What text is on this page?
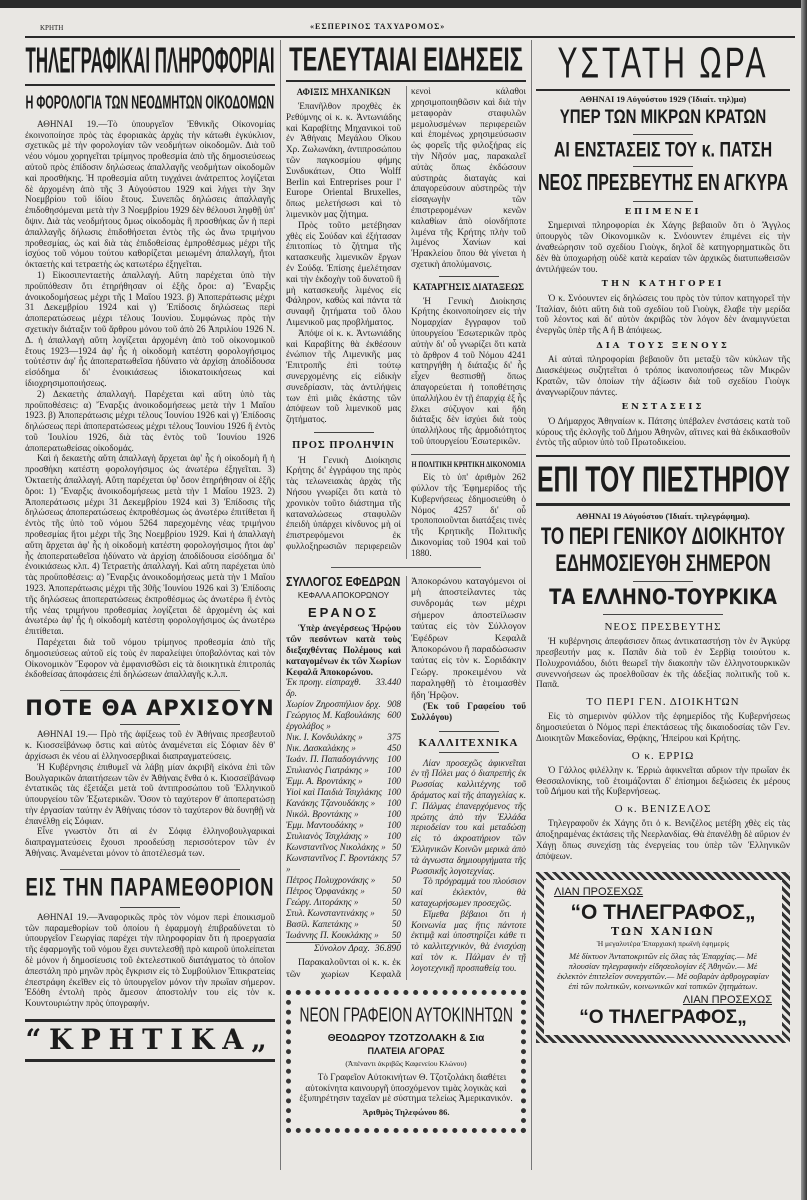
ΚΡΗΤΗ	«ΕΣΠΕΡΙΝΟΣ ΤΑΧΥΔΡΟΜΟΣ»
ΤΗΛΕΓΡΑΦΙΚΑΙ ΠΛΗΡΟΦΟΡΙΑΙ
Η ΦΟΡΟΛΟΓΙΑ ΤΩΝ ΝΕΟΔΜΗΤΩΝ ΟΙΚΟΔΟΜΩΝ

ΑΘΗΝΑΙ 19.—Τὸ ὑπουργεῖον Ἐθνικῆς Οἰκονομίας ἐκοινοποίησε πρὸς τὰς ἐφοριακὰς ἀρχὰς τὴν κάτωθι ἐγκύκλιον, σχετικῶς μὲ τὴν φορολογίαν τῶν νεοδμήτων οἰκοδομῶν. Διὰ τοῦ νέου νόμου χορηγεῖται τρίμηνος προθεσμία ἀπὸ τῆς δημοσιεύσεως αὐτοῦ πρὸς ἐπίδοσιν δηλώσεως ἀπαλλαγῆς νεοδμήτων οἰκοδομῶν καὶ προσθήκης. Ἡ προθεσμία αὕτη τυγχάνει ἀνάτρεπτος λογίζεται δὲ ἀρχομένη ἀπὸ τῆς 3 Αὐγούστου 1929 καὶ λήγει τὴν 3ην Νοεμβρίου τοῦ ἰδίου ἔτους. Συνεπῶς δηλώσεις ἀπαλλαγῆς ἐπιδοθησόμεναι μετὰ τὴν 3 Νοεμβρίου 1929 δὲν θέλουσι ληφθῇ ὑπ' ὄψιν. Διὰ τὰς νεοδμήτους ὅμως οἰκοδομὰς ἢ προσθήκας ὧν ἡ περὶ ἀπαλλαγῆς δήλωσις ἐπιδοθήσεται ἐντὸς τῆς ὡς ἄνω τριμήνου προθεσμίας, ὡς καὶ διὰ τὰς ἐπιδοθείσας ἐμπροθέσμως μέχρι τῆς ἰσχύος τοῦ νόμου τούτου καθορίζεται μειωμένη ἀπαλλαγή, ἤτοι ὁκταετὴς καὶ τετραετὴς ὡς κατωτέρω ἐξηγεῖται.

1) Εἰκοσιπενταετὴς ἀπαλλαγή. Αὕτη παρέχεται ὑπὸ τὴν προϋπόθεσιν ὅτι ἐτηρήθησαν οἱ ἑξῆς ὅροι: α) Ἔναρξις ἀνοικοδομήσεως μέχρι τῆς 1 Μαΐου 1923. β) Ἀποπεράτωσις μέχρι 31 Δεκεμβρίου 1924 καὶ γ) Ἐπίδοσις δηλώσεως περὶ ἀποπερατώσεως μέχρι τέλους Ἰουνίου. Συμφώνως πρὸς τὴν σχετικὴν διάταξιν τοῦ ἄρθρου μόνου τοῦ ἀπὸ 26 Ἀπριλίου 1926 Ν. Δ. ἡ ἀπαλλαγὴ αὕτη λογίζεται ἀρχομένη ἀπὸ τοῦ οἰκονομικοῦ ἔτους 1923—1924 ἀφ' ἧς ἡ οἰκοδομὴ κατέστη φορολογήσιμος τοὐτέστιν ἀφ' ἧς ἀποπερατωθεῖσα ἠδύνατο νὰ ἀρχίσῃ ἀποδίδουσα εἰσόδημα δι' ἐνοικιάσεως ἰδιοκατοικήσεως καὶ ἰδιοχρησιμοποιήσεως.

2) Δεκαετὴς ἀπαλλαγή. Παρέχεται καὶ αὕτη ὑπὸ τὰς προϋποθέσεις: α) Ἔναρξις ἀνοικοδομήσεως μετὰ τὴν 1 Μαΐου 1923. β) Ἀποπεράτωσις μέχρι τέλους Ἰουνίου 1926 καὶ γ) Ἐπίδοσις δηλώσεως περὶ ἀποπερατώσεως μέχρι τέλους Ἰουνίου 1926 ἢ ἐντὸς τοῦ Ἰουλίου 1926, διὰ τὰς ἐντὸς τοῦ Ἰουνίου 1926 ἀποπερατωθείσας οἰκοδομάς.

Καὶ ἡ δεκαετὴς αὕτη ἀπαλλαγὴ ἄρχεται ἀφ' ἧς ἡ οἰκοδομὴ ἢ ἡ προσθήκη κατέστη φορολογήσιμος ὡς ἀνωτέρω ἐξηγεῖται. 3) Ὀκταετὴς ἀπαλλαγή. Αὕτη παρέχεται ὑφ' ὅσον ἐτηρήθησαν οἱ ἑξῆς ὅροι: 1) Ἔναρξις ἀνοικοδομήσεως μετὰ τὴν 1 Μαΐου 1923. 2) Ἀποπεράτωσις μέχρι 31 Δεκεμβρίου 1924 καὶ 3) Ἐπίδοσις τῆς δηλώσεως ἀποπερατώσεως ἐκπροθέσμως ὡς ἀνωτέρω ἐπιτίθεται ἢ ἐντὸς τῆς ὑπὸ τοῦ νόμου 5264 παρεχομένης νέας τριμήνου προθεσμίας ἤτοι μέχρι τῆς 3ης Νοεμβρίου 1929. Καὶ ἡ ἀπαλλαγὴ αὕτη ἄρχεται ἀφ' ἧς ἡ οἰκοδομὴ κατέστη φορολογήσιμος ἤτοι ἀφ' ἧς ἀποπερατωθεῖσα ἠδύνατο νὰ ἀρχίσῃ ἀποδίδουσα εἰσόδημα δι' ἐνοικιάσεως κλπ. 4) Τετραετὴς ἀπαλλαγή. Καὶ αὕτη παρέχεται ὑπὸ τὰς προϋποθέσεις: α) Ἔναρξις ἀνοικοδομήσεως μετὰ τὴν 1 Μαΐου 1923. Ἀποπεράτωσις μέχρι τῆς 30ῆς Ἰουνίου 1926 καὶ 3) Ἐπίδοσις τῆς δηλώσεως ἀποπερατώσεως ἐκπροθέσμως ὡς ἀνωτέρω ἢ ἐντὸς τῆς νέας τριμήνου προθεσμίας λογίζεται δὲ ἀρχομένη ὡς καὶ ἀνωτέρω ἀφ' ἧς ἡ οἰκοδομὴ κατέστη φορολογήσιμος ὡς ἀνωτέρω ἐπιτίθεται.

Παρέχεται διὰ τοῦ νόμου τρίμηνος προθεσμία ἀπὸ τῆς δημοσιεύσεως αὐτοῦ εἰς τοὺς ἐν παραλείψει ὑποβαλόντας καὶ τὸν Οἰκονομικὸν Ἔφορον νὰ ἐμφανισθῶσι εἰς τὰ διοικητικὰ ἐπιτροπάς ἐκδοθείσας ἀποφάσεις ἐπὶ δηλώσεων ἀπαλλαγῆς κ.λ.π.

ΠΟΤΕ ΘΑ ΑΡΧΙΣΟΥΝ

ΑΘΗΝΑΙ 19.— Πρὸ τῆς ἀφίξεως τοῦ ἐν Ἀθήναις πρεσβευτοῦ κ. Κιοσσεϊβάνωφ ὅστις καὶ αὐτὸς ἀναμένεται εἰς Σόφιαν δὲν θ' ἀρχίσωσι ἐκ νέου αἱ ἑλληνοσερβικαὶ διαπραγματεύσεις.

Ἡ Κυβέρνησις ἐπιθυμεῖ νὰ λάβῃ μίαν ἀκριβῆ εἰκόνα ἐπὶ τῶν Βουλγαρικῶν ἀπαιτήσεων τῶν ἐν Ἀθήναις ἔνθα ὁ κ. Κιοσσεϊβάνωφ ἐντατικῶς τὰς ἐξετάζει μετὰ τοῦ ἀντιπροσώπου τοῦ Ἑλληνικοῦ ὑπουργείου τῶν Ἐξωτερικῶν. Ὅσον τὸ ταχύτερον θ' ἀποπερατώσῃ τὴν ἐργασίαν ταύτην ἐν Ἀθήναις τόσον τὸ ταχύτερον θὰ δυνηθῇ νὰ ἐπανέλθῃ εἰς Σόφιαν.

Εἶνε γνωστὸν ὅτι αἱ ἐν Σόφιᾳ ἑλληνοβουλγαρικαὶ διαπραγματεύσεις ἔχουσι προοδεύσῃ περισσότερον τῶν ἐν Ἀθήναις. Ἀναμένεται μόνον τὸ ἀποτέλεσμά των.

ΕΙΣ ΤΗΝ ΠΑΡΑΜΕΘΟΡΙΟΝ

ΑΘΗΝΑΙ 19.—Ἀναφορικῶς πρὸς τὸν νόμον περὶ ἐποικισμοῦ τῶν παραμεθορίων τοῦ ὁποίου ἡ ἐφαρμογὴ ἐπιβραδύνεται τὸ ὑπουργεῖον Γεωργίας παρέχει τὴν πληροφορίαν ὅτι ἡ προεργασία τῆς ἐφαρμογῆς τοῦ νόμου ἔχει συντελεσθῇ πρὸ καιροῦ ὑπολείπεται δὲ μόνον ἡ δημοσίευσις τοῦ ἐκτελεστικοῦ διατάγματος τὸ ὁποῖον ἀπεστάλη πρὸ μηνῶν πρὸς ἔγκρισιν εἰς τὸ Συμβούλιον Ἐπικρατείας ἐπεστράφη ἐκεῖθεν εἰς τὸ ὑπουργεῖον μόνον τὴν πρωΐαν σήμερον. Ἐδόθη ἐντολὴ πρὸς ἄμεσον ἀποστολήν του εἰς τὸν κ. Κουντουριώτην πρὸς ὑπογραφήν.

“ΚΡΗΤΙΚΑ„
ΤΕΛΕΥΤΑΙΑΙ ΕΙΔΗΣΕΙΣ
ΑΦΙΞΙΣ ΜΗΧΑΝΙΚΩΝ

Ἐπανῆλθον προχθὲς ἐκ Ρεθύμνης οἱ κ. κ. Ἀντωνιάδης καὶ Καραβίτης Μηχανικοὶ τοῦ ἐν Ἀθήναις Μεγάλου Οἴκου Χρ. Ζωλωνάκη, ἀντιπροσώπου τῶν παγκοσμίου φήμης Συνδυκάτων, Otto Wolff Berlin καὶ Entreprises pour l' Europe Oriental Bruxelles, ὅπως μελετήσωσι καὶ τὸ λιμενικὸν μας ζήτημα.

Πρὸς τοῦτο μετέβησαν χθὲς εἰς Σούδαν καὶ ἐξήτασαν ἐπιτοπίως τὸ ζήτημα τῆς κατασκευῆς λιμενικῶν ἔργων ἐν Σούδᾳ. Ἐπίσης ἐμελέτησαν καὶ τὴν ἐκδοχὴν τοῦ δυνατοῦ ἢ μὴ κατασκευῆς λιμένος εἰς Φάληρον, καθὼς καὶ πάντα τὰ συναφῆ ζητήματα τοῦ ὅλου Λιμενικοῦ μας προβλήματος.

Ἀπόψε οἱ κ. κ. Ἀντωνιάδης καὶ Καραβίτης θὰ ἐκθέσουν ἐνώπιον τῆς Λιμενικῆς μας Ἐπιτροπῆς ἐπὶ τούτῳ συνερχομένης εἰς εἰδικὴν συνεδρίασιν, τὰς ἀντιλήψεις των ἐπὶ μιᾶς ἑκάστης τῶν ἀπόψεων τοῦ λιμενικοῦ μας ζητήματος.

ΠΡΟΣ ΠΡΟΛΗΨΙΝ

Ἡ Γενικὴ Διοίκησις Κρήτης δι' ἐγγράφου της πρὸς τὰς τελωνειακὰς ἀρχὰς τῆς Νήσου γνωρίζει ὅτι κατὰ τὸ χρονικὸν τοῦτο διάστημα τῆς καταναλώσεως σταφυλῶν ἐπειδὴ ὑπάρχει κίνδυνος μὴ οἱ ἐπιστρεφόμενοι ἐκ φυλλοξηρωσιῶν περιφερειῶν κενοὶ κάλαθοι χρησιμοποιηθῶσιν καὶ διὰ τὴν μεταφορὰν σταφυλῶν μεμολυσμένων περιφερειῶν καὶ ἑπομένως χρησιμεύσωσιν ὡς φορεῖς τῆς φιλοξήρας εἰς τὴν Νῆσόν μας, παρακαλεῖ αὐτὰς ὅπως ἐκδώσουν αὐστηρὰς διαταγὰς καὶ ἀπαγορεύσουν αὐστηρῶς τὴν εἰσαγωγὴν τῶν ἐπιστρεφομένων κενῶν καλαθίων ἀπὸ οἱονδήποτε λιμένα τῆς Κρήτης πλὴν τοῦ λιμένος Χανίων καὶ Ἡρακλείου ὅπου θὰ γίνεται ἡ σχετικὴ ἀπολύμανσις.

ΚΑΤΑΡΓΗΣΙΣ ΔΙΑΤΑΞΕΩΣ

Ἡ Γενικὴ Διοίκησις Κρήτης ἐκοινοποίησεν εἰς τὴν Νομαρχίαν ἔγγραφον τοῦ ὑπουργείου Ἐσωτερικῶν πρὸς αὐτὴν δι' οὗ γνωρίζει ὅτι κατὰ τὸ ἄρθρον 4 τοῦ Νόμου 4241 κατηργήθη ἡ διάταξις δι' ἧς εἶχεν θεσπισθῇ ὅπως ἀπαγορεύεται ἡ τοποθέτησις ὑπαλλήλου ἐν τῇ ἐπαρχίᾳ ἐξ ἧς ἕλκει σύζυγον καὶ ἤδη διάταξις δὲν ἰσχύει διὰ τοὺς ὑπαλλήλους τῆς ἁρμοδιότητος τοῦ ὑπουργείου Ἐσωτερικῶν.

Η ΠΟΛΙΤΙΚΗ ΚΡΗΤΙΚΗ ΔΙΚΟΝΟΜΙΑ

Εἰς τὸ ὑπ' ἀριθμὸν 262 φύλλον τῆς Ἐφημερίδος τῆς Κυβερνήσεως ἐδημοσιεύθη ὁ Νόμος 4257 δι' οὗ τροποποιοῦνται διατάξεις τινὲς τῆς Κρητικῆς Πολιτικῆς Δικονομίας τοῦ 1904 καὶ τοῦ 1880.

ΣΥΛΛΟΓΟΣ ΕΦΕΔΡΩΝ
ΚΕΦΑΛΑ ΑΠΟΚΟΡΩΝΟΥ
ΕΡΑΝΟΣ

Ὑπὲρ ἀνεγέρσεως Ἡρῴου τῶν πεσόντων κατὰ τοὺς διεξαχθέντας Πολέμους καὶ καταγομένων ἐκ τῶν Χωρίων Κεφαλᾶ Ἀποκορώνου.

Ἐκ προηγ. εἰσπραχθ. δρ.
33.440
Χωρίον Ζηροσπήλιον δρχ. 908
Γεώργιος Μ. Καβουλάκης ἐργολάβος »
600
Νικ. Ι. Κονδυλάκης »	375
Νικ. Δασκαλάκης »	450
Ἰωάν. Π. Παπαδογιάννης 100
Στυλιανὸς Γιατράκης »	100
Ἐμμ. Α. Βροντάκης »	100
Υἱοὶ καὶ Παιδιὰ Τσιχλάκης 100
Κανάκης Τζανουδάκης »	100
Νικόλ. Βροντάκης »	100
Ἐμμ. Μαντουδάκης »	100
Στυλιανὸς Τσιχλάκης »	100
Κωνσταντῖνος Νικολάκης » 50
Κωνσταντῖνος Γ. Βροντάκης »
57
Πέτρος Πολυχρονάκης »	50
Πέτρος Ὀρφανάκης »	50
Γεώργ. Λιτοράκης »	50
Στυλ. Κωνσταντινάκης »	50
Βασίλ. Καπετάκης »	50
Ἰωάννης Π. Κουκλάκης »	50
Σύνολον Δραχ. 36.890

Παρακαλοῦνται οἱ κ. κ. ἐκ τῶν χωρίων Κεφαλᾶ Ἀποκορώνου καταγόμενοι οἱ μὴ ἀποστείλαντες τὰς συνδρομάς των μέχρι σήμερον ἀποστείλωσιν ταύτας εἰς τὸν Σύλλογον Ἐφέδρων Κεφαλᾶ Ἀποκορώνου ἢ παραδώσωσιν ταύτας εἰς τὸν κ. Σοριδάκην Γεώργ. προκειμένου νὰ παραληφθῇ τὸ ἑτοιμασθὲν ἤδη Ἡρῷον.

(Ἐκ τοῦ Γραφείου τοῦ Συλλόγου)

ΚΑΛΛΙΤΕΧΝΙΚΑ

Λίαν προσεχῶς ἀφικνεῖται ἐν τῇ Πόλει μας ὁ διαπρεπὴς ἐκ Ρωσσίας καλλιτέχνης τοῦ δράματος καὶ τῆς ἀπαγγελίας κ. Γ. Πάλμας ἐπανερχόμενος τῆς πρώτης ἀπὸ τὴν Ἑλλάδα περιοδείαν του καὶ μεταδώσῃ εἰς τὸ ἀκροατήριον τῶν Ἑλληνικῶν Κοινῶν μερικὰ ἀπὸ τὰ ἀγνωστα δημιουργήματα τῆς Ρωσσικῆς λογοτεχνίας.

Τὸ πρόγραμμά του πλούσιον καὶ ἐκλεκτὸν, θὰ καταχωρήσωμεν προσεχῶς.

Εἴμεθα βέβαιοι ὅτι ἡ Κοινωνία μας ἥτις πάντοτε ἐκτιμᾷ καὶ ὑποστηρίζει κάθε τι τὸ καλλιτεχνικὸν, θὰ ἐνισχύσῃ καὶ τὸν κ. Πάλμαν ἐν τῇ λογοτεχνικῇ προσπαθείᾳ του.

ΝΕΟΝ ΓΡΑΦΕΙΟΝ ΑΥΤΟΚΙΝΗΤΩΝ
ΘΕΟΔΩΡΟΥ ΤΖΟΤΖΟΛΑΚΗ & Σια
ΠΛΑΤΕΙΑ ΑΓΟΡΑΣ
(Ἀπέναντι ἀκριβῶς Καφενείου Κλώνου)

Τὸ Γραφεῖον Αὐτοκινήτων Θ. Τζοτζολάκη διαθέτει αὐτοκίνητα καινουργῆ ὑποσχόμενον τιμὰς λογικὰς καὶ ἐξυπηρέτησιν ταχεῖαν μὲ σύστημα τελείως Ἀμερικανικόν.

Ἀριθμὸς Τηλεφώνου 86.
ΥΣΤΑΤΗ ΩΡΑ
ΑΘΗΝΑΙ 19 Αὐγούστου 1929 (Ἰδιαίτ. τηλ)μα)
ΥΠΕΡ ΤΩΝ ΜΙΚΡΩΝ ΚΡΑΤΩΝ
ΑΙ ΕΝΣΤΑΣΕΙΣ ΤΟΥ κ. ΠΑΤΣΗ
ΝΕΟΣ ΠΡΕΣΒΕΥΤΗΣ ΕΝ ΑΓΚΥΡΑ
ΕΠΙΜΕΝΕΙ

Σημεριναὶ πληροφορίαι ἐκ Χάγης βεβαιοῦν ὅτι ὁ Ἄγγλος ὑπουργὸς τῶν Οἰκονομικῶν κ. Σνόουντεν ἐπιμένει εἰς τὴν ἀναθεώρησιν τοῦ σχεδίου Γιοὺγκ, δηλοῖ δὲ κατηγορηματικῶς ὅτι δὲν θὰ ὑποχωρήσῃ οὐδὲ κατὰ κεραίαν τῶν ἀρχικῶς διατυπωθεισῶν ἀντιλήψεών του.

ΤΗΝ ΚΑΤΗΓΟΡΕΙ

Ὁ κ. Σνόουντεν εἰς δηλώσεις του πρὸς τὸν τύπον κατηγορεῖ τὴν Ἰταλίαν, διότι αὕτη διὰ τοῦ σχεδίου τοῦ Γιοὺγκ, ἔλαβε τὴν μερίδα τοῦ λέοντος καὶ δι' αὐτὸν ἀκριβῶς τὸν λόγον δὲν ἀναμιγνύεται ἐνεργῶς ὑπὲρ τῆς Α ἢ Β ἀπόψεως.

ΔΙΑ ΤΟΥΣ ΞΕΝΟΥΣ

Αἱ αὐταὶ πληροφορίαι βεβαιοῦν ὅτι μεταξὺ τῶν κύκλων τῆς Διασκέψεως συζητεῖται ὁ τρόπος ἱκανοποιήσεως τῶν Μικρῶν Κρατῶν, τῶν ὁποίων τὴν ἀξίωσιν διὰ τοῦ σχεδίου Γιοὺγκ ἀναγνωρίζουν πάντες.

ΕΝΣΤΑΣΕΙΣ

Ὁ Δήμαρχος Ἀθηναίων κ. Πάτσης ὑπέβαλεν ἐνστάσεις κατὰ τοῦ κύρους τῆς ἐκλογῆς τοῦ Δήμου Ἀθηνῶν, αἵτινες καὶ θὰ ἐκδικασθοῦν ἐντὸς τῆς αὔριον ὑπὸ τοῦ Πρωτοδικείου.

ΕΠΙ ΤΟΥ ΠΙΕΣΤΗΡΙΟΥ
ΑΘΗΝΑΙ 19 Αὐγούστου (Ἰδιαίτ. τηλεγράφημα).
ΤΟ ΠΕΡΙ ΓΕΝΙΚΟΥ ΔΙΟΙΚΗΤΟΥ
ΕΔΗΜΟΣΙΕΥΘΗ ΣΗΜΕΡΟΝ
ΤΑ ΕΛΛΗΝΟ-ΤΟΥΡΚΙΚΑ
ΝΕΟΣ ΠΡΕΣΒΕΥΤΗΣ

Ἡ κυβέρνησις ἀπεφάσισεν ὅπως ἀντικαταστήσῃ τὸν ἐν Ἀγκύρᾳ πρεσβευτήν μας κ. Παπᾶν διὰ τοῦ ἐν Σερβίᾳ τοιούτου κ. Πολυχρονιάδου, διότι θεωρεῖ τὴν διακοπὴν τῶν ἑλληνοτουρκικῶν συνεννοήσεων ὡς προελθοῦσαν ἐκ τῆς ἀδεξίας πολιτικῆς τοῦ κ. Παπᾶ.

ΤΟ ΠΕΡΙ ΓΕΝ. ΔΙΟΙΚΗΤΩΝ

Εἰς τὸ σημερινὸν φύλλον τῆς ἐφημερίδος τῆς Κυβερνήσεως δημοσιεύεται ὁ Νόμος περὶ ἐπεκτάσεως τῆς δικαιοδοσίας τῶν Γεν. Διοικητῶν Μακεδονίας, Θρᾴκης, Ἠπείρου καὶ Κρήτης.

Ο κ. ΕΡΡΙΩ

Ὁ Γάλλος φιλέλλην κ. Ἐρριὼ ἀφικνεῖται αὔριον τὴν πρωΐαν ἐκ Θεσσαλονίκης, τοῦ ἑτοιμάζονται δ' ἐπίσημοι δεξιώσεις ἐκ μέρους τοῦ Δήμου καὶ τῆς Κυβερνήσεως.

Ο κ. ΒΕΝΙΖΕΛΟΣ

Τηλεγραφοῦν ἐκ Χάγης ὅτι ὁ κ. Βενιζέλος μετέβη χθὲς εἰς τὰς ἀποξηραμένας ἐκτάσεις τῆς Νεερλανδίας. Θὰ ἐπανέλθῃ δὲ αὔριον ἐν Χάγῃ ὅπως συνεχίσῃ τὰς ἐνεργείας του ὑπὲρ τῶν Ἑλληνικῶν ἀπόψεων.

ΛΙΑΝ ΠΡΟΣΕΧΩΣ
“Ο ΤΗΛΕΓΡΑΦΟΣ„
ΤΩΝ ΧΑΝΙΩΝ
Ἡ μεγαλυτέρα Ἐπαρχιακὴ πρωϊνὴ ἐφημερίς

Μὲ δίκτυον Ἀνταποκριτῶν εἰς ὅλας τὰς Ἐπαρχίας.— Μὲ πλουσίαν τηλεγραφικὴν εἰδησεολογίαν ἐξ Ἀθηνῶν.— Μὲ ἐκλεκτὸν ἐπιτελεῖον συνεργατῶν.— Μὲ σοβαρὰν ἀρθρογραφίαν ἐπὶ τῶν πολιτικῶν, κοινωνικῶν καὶ τοπικῶν ζητημάτων.

ΛΙΑΝ ΠΡΟΣΕΧΩΣ
“Ο ΤΗΛΕΓΡΑΦΟΣ„
